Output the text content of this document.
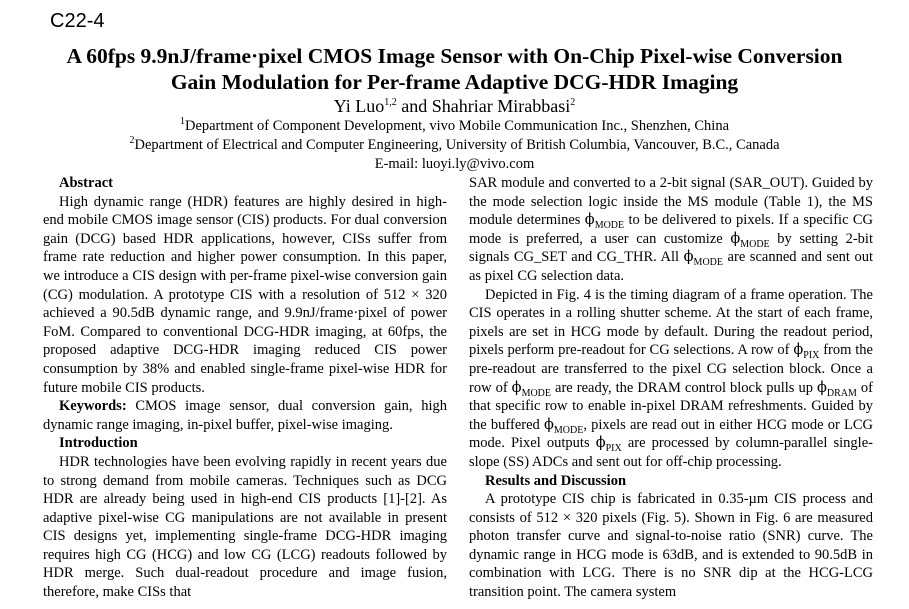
C22-4

A 60fps 9.9nJ/frame·pixel CMOS Image Sensor with On-Chip Pixel-wise Conversion
Gain Modulation for Per-frame Adaptive DCG-HDR Imaging

Yi Luo$^{1,2}$ and Shahriar Mirabbasi$^2$

$^1$Department of Component Development, vivo Mobile Communication Inc., Shenzhen, China

$^2$Department of Electrical and Computer Engineering, University of British Columbia, Vancouver, B.C., Canada

E-mail: luoyi.ly@vivo.com

Abstract

High dynamic range (HDR) features are highly desired in high-end mobile CMOS image sensor (CIS) products. For dual conversion gain (DCG) based HDR applications, however, CISs suffer from frame rate reduction and higher power consumption. In this paper, we introduce a CIS design with per-frame pixel-wise conversion gain (CG) modulation. A prototype CIS with a resolution of 512 × 320 achieved a 90.5dB dynamic range, and 9.9nJ/frame·pixel of power FoM. Compared to conventional DCG-HDR imaging, at 60fps, the proposed adaptive DCG-HDR imaging reduced CIS power consumption by 38% and enabled single-frame pixel-wise HDR for future mobile CIS products.

Keywords: CMOS image sensor, dual conversion gain, high dynamic range imaging, in-pixel buffer, pixel-wise imaging.

Introduction

HDR technologies have been evolving rapidly in recent years due to strong demand from mobile cameras. Techniques such as DCG HDR are already being used in high-end CIS products [1]-[2]. As adaptive pixel-wise CG manipulations are not available in present CIS designs yet, implementing single-frame DCG-HDR imaging requires high CG (HCG) and low CG (LCG) readouts followed by HDR merge. Such dual-readout procedure and image fusion, therefore, make CISs that

SAR module and converted to a 2-bit signal (SAR_OUT). Guided by the mode selection logic inside the MS module (Table 1), the MS module determines $\phi_{MODE}$ to be delivered to pixels. If a specific CG mode is preferred, a user can customize $\phi_{MODE}$ by setting 2-bit signals CG_SET and CG_THR. All $\phi_{MODE}$ are scanned and sent out as pixel CG selection data.

Depicted in Fig. 4 is the timing diagram of a frame operation. The CIS operates in a rolling shutter scheme. At the start of each frame, pixels are set in HCG mode by default. During the readout period, pixels perform pre-readout for CG selections. A row of $\phi_{PIX}$ from the pre-readout are transferred to the pixel CG selection block. Once a row of $\phi_{MODE}$ are ready, the DRAM control block pulls up $\phi_{DRAM}$ of that specific row to enable in-pixel DRAM refreshments. Guided by the buffered $\phi_{MODE}$, pixels are read out in either HCG mode or LCG mode. Pixel outputs $\phi_{PIX}$ are processed by column-parallel single-slope (SS) ADCs and sent out for off-chip processing.

Results and Discussion

A prototype CIS chip is fabricated in 0.35-µm CIS process and consists of 512 × 320 pixels (Fig. 5). Shown in Fig. 6 are measured photon transfer curve and signal-to-noise ratio (SNR) curve. The dynamic range in HCG mode is 63dB, and is extended to 90.5dB in combination with LCG. There is no SNR dip at the HCG-LCG transition point. The camera system
